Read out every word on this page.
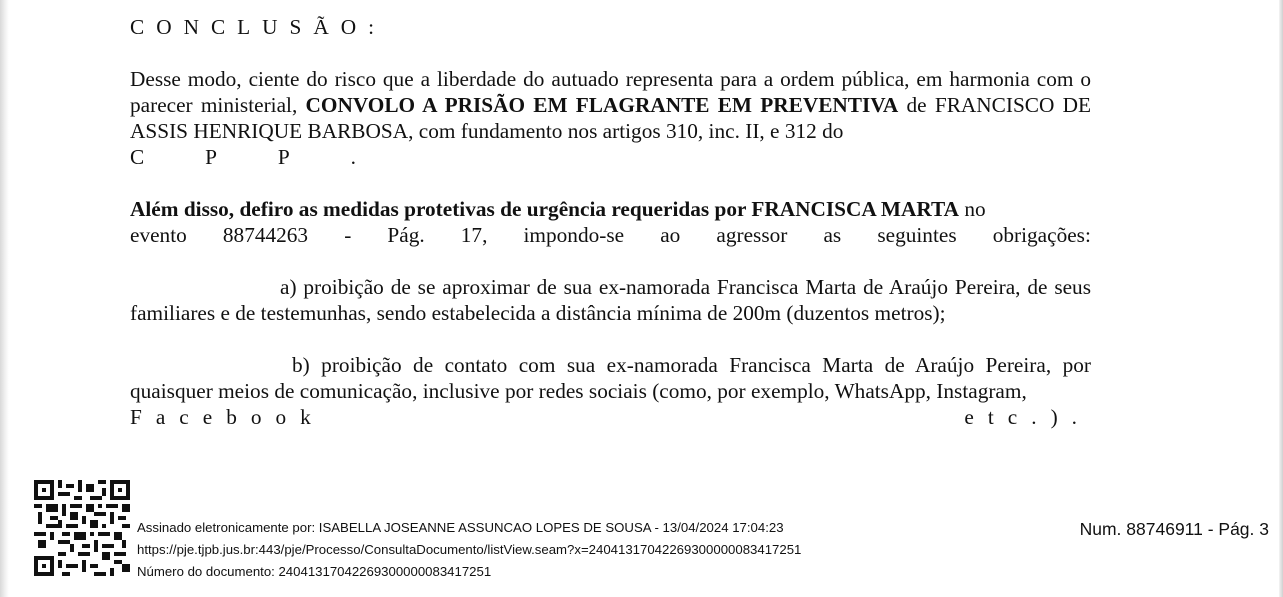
CONCLUSÃO:

Desse modo, ciente do risco que a liberdade do autuado representa para a ordem pública, em harmonia com o parecer ministerial, CONVOLO A PRISÃO EM FLAGRANTE EM PREVENTIVA de FRANCISCO DE ASSIS HENRIQUE BARBOSA, com fundamento nos artigos 310, inc. II, e 312 do

C	P	P	.

Além disso, defiro as medidas protetivas de urgência requeridas por FRANCISCA MARTA no

evento 88744263 - Pág. 17, impondo-se ao agressor as seguintes obrigações:

a) proibição de se aproximar de sua ex-namorada Francisca Marta de Araújo Pereira, de seus familiares e de testemunhas, sendo estabelecida a distância mínima de 200m (duzentos metros);

b) proibição de contato com sua ex-namorada Francisca Marta de Araújo Pereira, por quaisquer meios de comunicação, inclusive por redes sociais (como, por exemplo, WhatsApp, Instagram,

Facebook	etc.).
Assinado eletronicamente por: ISABELLA JOSEANNE ASSUNCAO LOPES DE SOUSA - 13/04/2024 17:04:23
https://pje.tjpb.jus.br:443/pje/Processo/ConsultaDocumento/listView.seam?x=24041317042269300000083417251
Número do documento: 24041317042269300000083417251
Num. 88746911 - Pág. 3
